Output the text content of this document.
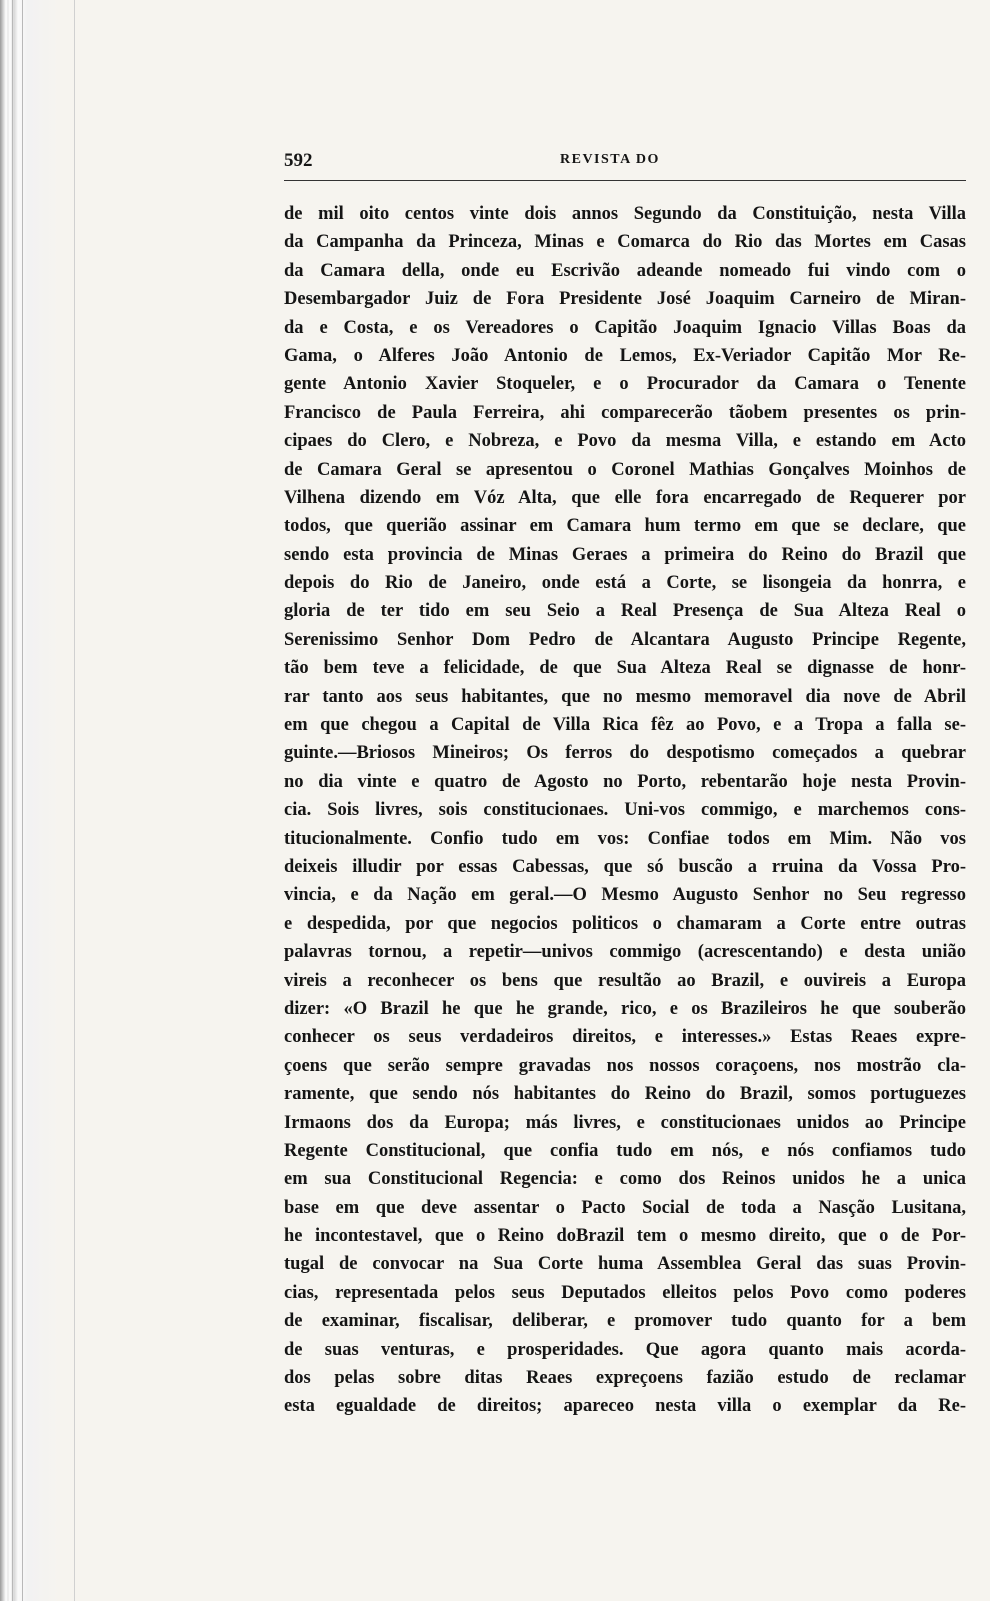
592	REVISTA DO
de mil oito centos vinte dois annos Segundo da Constituição, nesta Villa
da Campanha da Princeza, Minas e Comarca do Rio das Mortes em Casas
da Camara della, onde eu Escrivão adeande nomeado fui vindo com o
Desembargador Juiz de Fora Presidente José Joaquim Carneiro de Miran-
da e Costa, e os Vereadores o Capitão Joaquim Ignacio Villas Boas da
Gama, o Alferes João Antonio de Lemos, Ex-Veriador Capitão Mor Re-
gente Antonio Xavier Stoqueler, e o Procurador da Camara o Tenente
Francisco de Paula Ferreira, ahi comparecerão tãobem presentes os prin-
cipaes do Clero, e Nobreza, e Povo da mesma Villa, e estando em Acto
de Camara Geral se apresentou o Coronel Mathias Gonçalves Moinhos de
Vilhena dizendo em Vóz Alta, que elle fora encarregado de Requerer por
todos, que querião assinar em Camara hum termo em que se declare, que
sendo esta provincia de Minas Geraes a primeira do Reino do Brazil que
depois do Rio de Janeiro, onde está a Corte, se lisongeia da honrra, e
gloria de ter tido em seu Seio a Real Presença de Sua Alteza Real o
Serenissimo Senhor Dom Pedro de Alcantara Augusto Principe Regente,
tão bem teve a felicidade, de que Sua Alteza Real se dignasse de honr-
rar tanto aos seus habitantes, que no mesmo memoravel dia nove de Abril
em que chegou a Capital de Villa Rica fêz ao Povo, e a Tropa a falla se-
guinte.—Briosos Mineiros; Os ferros do despotismo começados a quebrar
no dia vinte e quatro de Agosto no Porto, rebentarão hoje nesta Provin-
cia. Sois livres, sois constitucionaes. Uni-vos commigo, e marchemos cons-
titucionalmente. Confio tudo em vos: Confiae todos em Mim. Não vos
deixeis illudir por essas Cabessas, que só buscão a rruina da Vossa Pro-
vincia, e da Nação em geral.—O Mesmo Augusto Senhor no Seu regresso
e despedida, por que negocios politicos o chamaram a Corte entre outras
palavras tornou, a repetir—univos commigo (acrescentando) e desta união
vireis a reconhecer os bens que resultão ao Brazil, e ouvireis a Europa
dizer: «O Brazil he que he grande, rico, e os Brazileiros he que souberão
conhecer os seus verdadeiros direitos, e interesses.» Estas Reaes expre-
çoens que serão sempre gravadas nos nossos coraçoens, nos mostrão cla-
ramente, que sendo nós habitantes do Reino do Brazil, somos portuguezes
Irmaons dos da Europa; más livres, e constitucionaes unidos ao Principe
Regente Constitucional, que confia tudo em nós, e nós confiamos tudo
em sua Constitucional Regencia: e como dos Reinos unidos he a unica
base em que deve assentar o Pacto Social de toda a Nasção Lusitana,
he incontestavel, que o Reino doBrazil tem o mesmo direito, que o de Por-
tugal de convocar na Sua Corte huma Assemblea Geral das suas Provin-
cias, representada pelos seus Deputados elleitos pelos Povo como poderes
de examinar, fiscalisar, deliberar, e promover tudo quanto for a bem
de suas venturas, e prosperidades. Que agora quanto mais acorda-
dos pelas sobre ditas Reaes expreçoens fazião estudo de reclamar
esta egualdade de direitos; apareceo nesta villa o exemplar da Re-
